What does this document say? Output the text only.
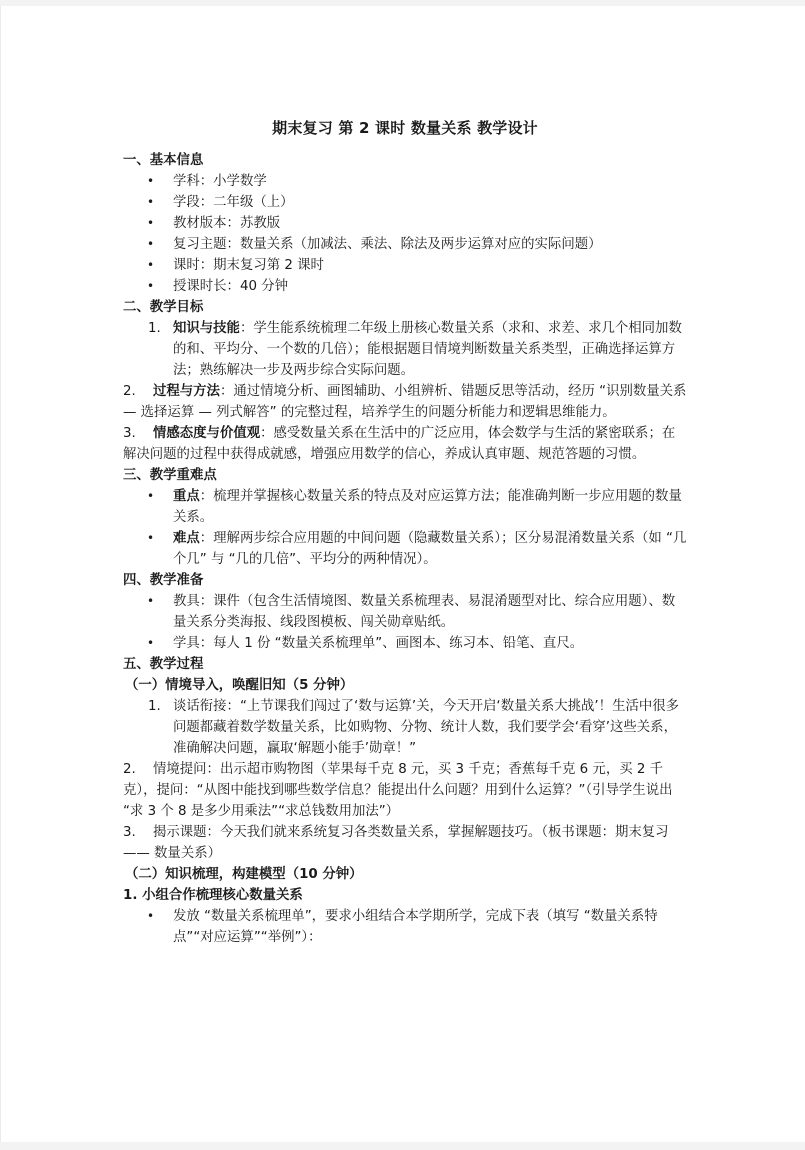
期末复习 第 2 课时 数量关系 教学设计
一、基本信息
• 学科：小学数学
• 学段：二年级（上）
• 教材版本：苏教版
• 复习主题：数量关系（加减法、乘法、除法及两步运算对应的实际问题）
• 课时：期末复习第 2 课时
• 授课时长：40 分钟
二、教学目标
1. 知识与技能：学生能系统梳理二年级上册核心数量关系（求和、求差、求几个相同加数的和、平均分、一个数的几倍）；能根据题目情境判断数量关系类型，正确选择运算方法；熟练解决一步及两步综合实际问题。
2. 过程与方法：通过情境分析、画图辅助、小组辨析、错题反思等活动，经历 “识别数量关系 — 选择运算 — 列式解答” 的完整过程，培养学生的问题分析能力和逻辑思维能力。
3. 情感态度与价值观：感受数量关系在生活中的广泛应用，体会数学与生活的紧密联系；在解决问题的过程中获得成就感，增强应用数学的信心，养成认真审题、规范答题的习惯。
三、教学重难点
• 重点：梳理并掌握核心数量关系的特点及对应运算方法；能准确判断一步应用题的数量关系。
• 难点：理解两步综合应用题的中间问题（隐藏数量关系）；区分易混淆数量关系（如 “几个几” 与 “几的几倍”、平均分的两种情况）。
四、教学准备
• 教具：课件（包含生活情境图、数量关系梳理表、易混淆题型对比、综合应用题）、数量关系分类海报、线段图模板、闯关勋章贴纸。
• 学具：每人 1 份 “数量关系梳理单”、画图本、练习本、铅笔、直尺。
五、教学过程
（一）情境导入，唤醒旧知（5 分钟）
1. 谈话衔接：“上节课我们闯过了‘数与运算’关，今天开启‘数量关系大挑战’！生活中很多问题都藏着数学数量关系，比如购物、分物、统计人数，我们要学会‘看穿’这些关系，准确解决问题，赢取‘解题小能手’勋章！”
2. 情境提问：出示超市购物图（苹果每千克 8 元，买 3 千克；香蕉每千克 6 元，买 2 千克），提问：“从图中能找到哪些数学信息？能提出什么问题？用到什么运算？”（引导学生说出 “求 3 个 8 是多少用乘法”“求总钱数用加法”）
3. 揭示课题：今天我们就来系统复习各类数量关系，掌握解题技巧。（板书课题：期末复习 —— 数量关系）
（二）知识梳理，构建模型（10 分钟）
1. 小组合作梳理核心数量关系
• 发放 “数量关系梳理单”，要求小组结合本学期所学，完成下表（填写 “数量关系特点”“对应运算”“举例”）：
